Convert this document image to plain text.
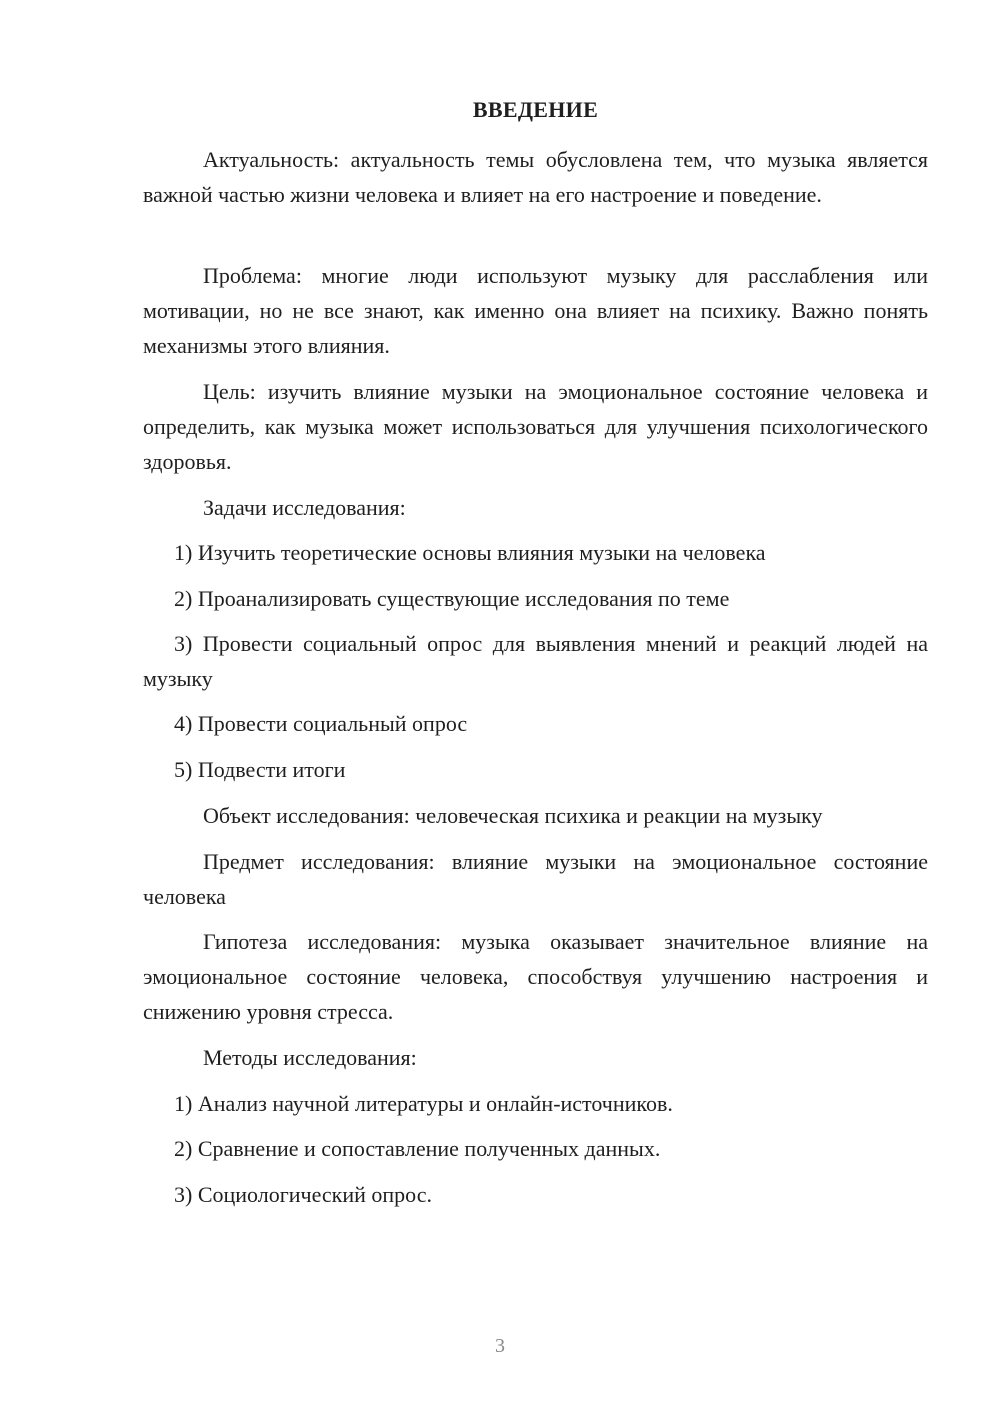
ВВЕДЕНИЕ

Актуальность: актуальность темы обусловлена тем, что музыка является важной частью жизни человека и влияет на его настроение и поведение.

Проблема: многие люди используют музыку для расслабления или мотивации, но не все знают, как именно она влияет на психику. Важно понять механизмы этого влияния.

Цель: изучить влияние музыки на эмоциональное состояние человека и определить, как музыка может использоваться для улучшения психологического здоровья.

Задачи исследования:

1) Изучить теоретические основы влияния музыки на человека

2) Проанализировать существующие исследования по теме

3) Провести социальный опрос для выявления мнений и реакций людей на музыку

4) Провести социальный опрос

5) Подвести итоги

Объект исследования: человеческая психика и реакции на музыку

Предмет исследования: влияние музыки на эмоциональное состояние человека

Гипотеза исследования: музыка оказывает значительное влияние на эмоциональное состояние человека, способствуя улучшению настроения и снижению уровня стресса.

Методы исследования:

1) Анализ научной литературы и онлайн-источников.

2) Сравнение и сопоставление полученных данных.

3) Социологический опрос.

3
